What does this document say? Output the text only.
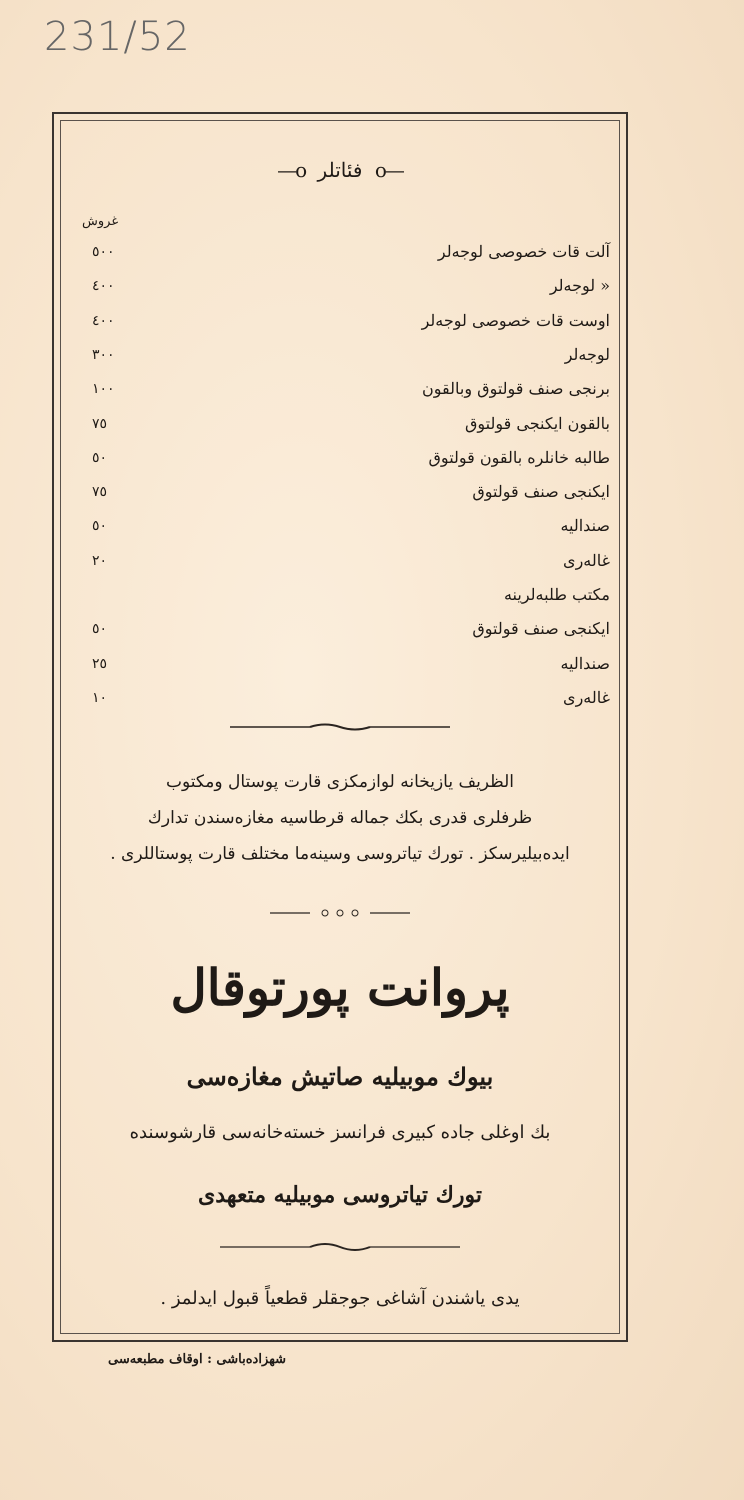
231/52
—o فئاتلر o—
غروش
آلت قات خصوصی لوجه‌لر
٥٠٠
« لوجه‌لر
٤٠٠
اوست قات خصوصی لوجه‌لر
٤٠٠
لوجه‌لر
٣٠٠
برنجی صنف قولتوق وبالقون
١٠٠
بالقون ایکنجی قولتوق
٧٥
طالبه خانلره بالقون قولتوق
٥٠
ایکنجی صنف قولتوق
٧٥
صندالیه
٥٠
غاله‌ری
٢٠
مکتب طلبه‌لرینه
ایکنجی صنف قولتوق
٥٠
صندالیه
٢٥
غاله‌ری
١٠
الظریف یازیخانه لوازمکزی قارت پوستال ومکتوب
ظرفلری قدری بکك جماله قرطاسیه مغازه‌سندن تدارك
ایده‌بیلیرسکز . تورك تیاتروسی وسینه‌ما مختلف قارت پوستاللری .
پروانت پورتوقال
بیوك موبیلیه صاتیش مغازه‌سی
بك اوغلی جاده کبیری فرانسز خسته‌خانه‌سی قارشوسنده
تورك تیاتروسی موبیلیه متعهدی
یدی یاشندن آشاغی جوجقلر قطعیاً قبول ایدلمز .
شهزاده‌باشی : اوقاف مطبعه‌سی
